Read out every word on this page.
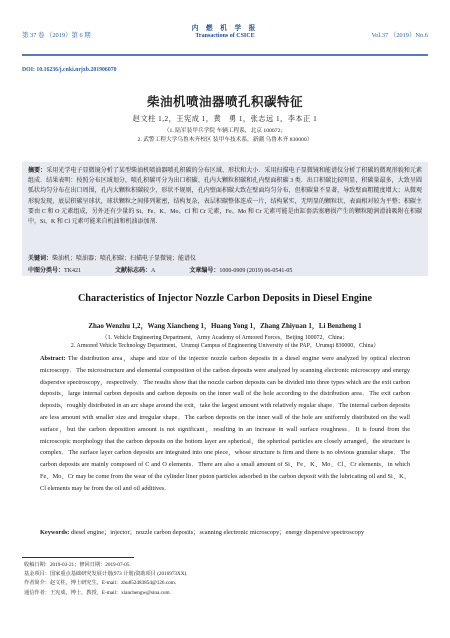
第 37 卷 （2019）第 6 期
内 燃 机 学 报
Transactions of CSICE	Vol.37 （2019）No.6
DOI: 10.16236/j.cnki.nrjxb.201906070
柴油机喷油器喷孔积碳特征
赵文柱 1,2，王宪成 1，黄　勇 1，张志远 1，李本正 1
（1. 陆军装甲兵学院 车辆工程系，北京 100072；
2. 武警工程大学乌鲁木齐校区 装甲车技术系，新疆 乌鲁木齐 830000）
摘要：采用光学电子显微镜分析了某型柴油机喷油器喷孔积碳的分布区域、形状和大小．采用扫描电子显微镜和能谱仪分析了积碳的微观形貌和元素组成．结果表明：按照分布区域划分，喷孔积碳可分为出口积碳、孔内大颗粒积碳和孔内壁面积碳 3 类．出口积碳比较明显，积碳量最多，大致呈圆弧状均匀分布在出口周围，孔内大颗粒积碳较少，形状不规则，孔内壁面积碳大致在壁面均匀分布，但积碳量不显著，导致壁面粗糙度增大；从微观形貌发现，底层积碳呈球状，球状颗粒之间排列紧密，结构复杂，表层积碳整体连成一片，结构紧实，无明显的颗粒状，表面相对较为平整；积碳主要由 C 和 O 元素组成，另外还有少量的 Si、Fe、K、Mo、Cl 和 Cr 元素，Fe、Mo 和 Cr 元素可能是由缸套活塞磨损产生的颗粒随润滑油吸附在积碳中，Si、K 和 Cl 元素可能来自机油和机油添加剂．
关键词：柴油机；喷油器；喷孔积碳；扫描电子显微镜；能谱仪
中图分类号：TK421	文献标志码：A	文章编号：1000-0909 (2019) 06-0541-05
Characteristics of Injector Nozzle Carbon Deposits in Diesel Engine
Zhao Wenzhu 1,2，Wang Xiancheng 1，Huang Yong 1，Zhang Zhiyuan 1，Li Benzheng 1
（1. Vehicle Engineering Department，Army Academy of Armored Forces，Beijing 100072，China；
2. Armored Vehicle Technology Department，Urumqi Campus of Engineering University of the PAP，Urumqi 830000，China）
Abstract: The distribution area，shape and size of the injector nozzle carbon deposits in a diesel engine were analyzed by optical electron microscopy．The microstructure and elemental composition of the carbon deposits were analyzed by scanning electronic microscopy and energy dispersive spectroscopy，respectively．The results show that the nozzle carbon deposits can be divided into three types which are the exit carbon deposits，large internal carbon deposits and carbon deposits on the inner wall of the hole according to the distribution area．The exit carbon deposits，roughly distributed in an arc shape around the exit，take the largest amount with relatively regular shape．The internal carbon deposits are less amount with smaller size and irregular shape．The carbon deposits on the inner wall of the hole are uniformly distributed on the wall surface，but the carbon deposition amount is not significant，resulting in an increase in wall surface roughness．It is found from the microscopic morphology that the carbon deposits on the bottom layer are spherical，the spherical particles are closely arranged，the structure is complex．The surface layer carbon deposits are integrated into one piece，whose structure is firm and there is no obvious granular shape．The carbon deposits are mainly composed of C and O elements．There are also a small amount of Si、Fe、K、Mo、Cl、Cr elements，in which Fe、Mo、Cr may be come from the wear of the cylinder liner piston particles adsorbed in the carbon deposit with the lubricating oil and Si、K、Cl elements may be from the oil and oil additives.
Keywords: diesel engine；injector；nozzle carbon deposits；scanning electronic microscopy；energy dispersive spectroscopy
收稿日期：2019-03-21；修回日期：2019-07-05.
基金项目：国家重点基础研究发展计划(973 计划)资助项目 (2016973XX).
作者简介：赵文柱，博士研究生，E-mail：zhu852483854@126.com.
通信作者：王宪成，博士，教授，E-mail：xianchengw@sina.com.
